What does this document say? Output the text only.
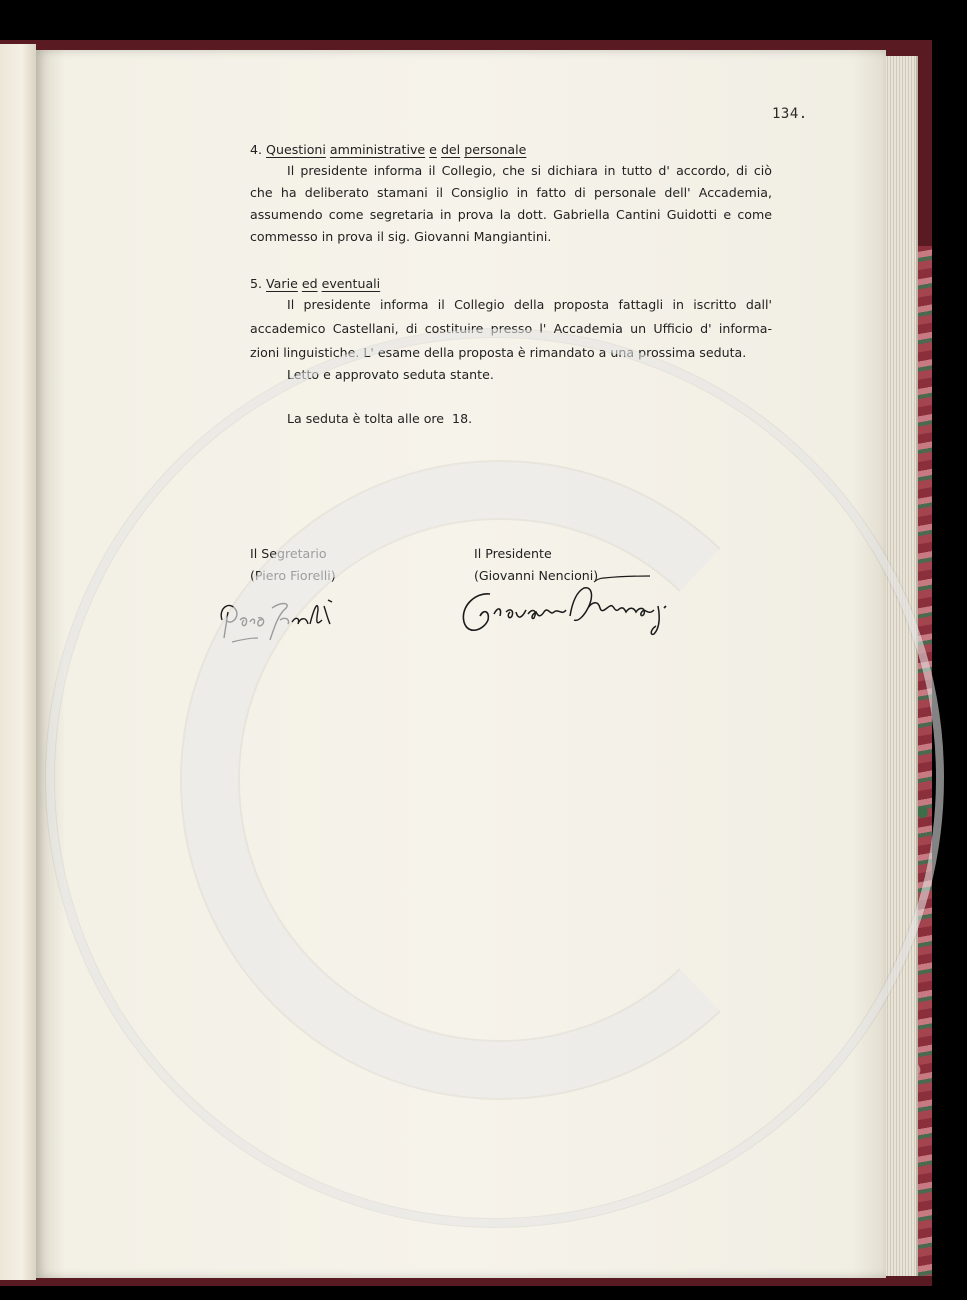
134.
4. Questioni amministrative e del personale
Il presidente informa il Collegio, che si dichiara in tutto d' accordo, di ciò
che ha deliberato stamani il Consiglio in fatto di personale dell' Accademia,
assumendo come segretaria in prova la dott. Gabriella Cantini Guidotti e come
commesso in prova il sig. Giovanni Mangiantini.
5. Varie ed eventuali
Il presidente informa il Collegio della proposta fattagli in iscritto dall'
accademico Castellani, di costituire presso l' Accademia un Ufficio d' informa-
zioni linguistiche. L' esame della proposta è rimandato a una prossima seduta.
Letto e approvato seduta stante.
La seduta è tolta alle ore  18.
Il Segretario
(Piero Fiorelli)
Il Presidente
(Giovanni Nencioni)
